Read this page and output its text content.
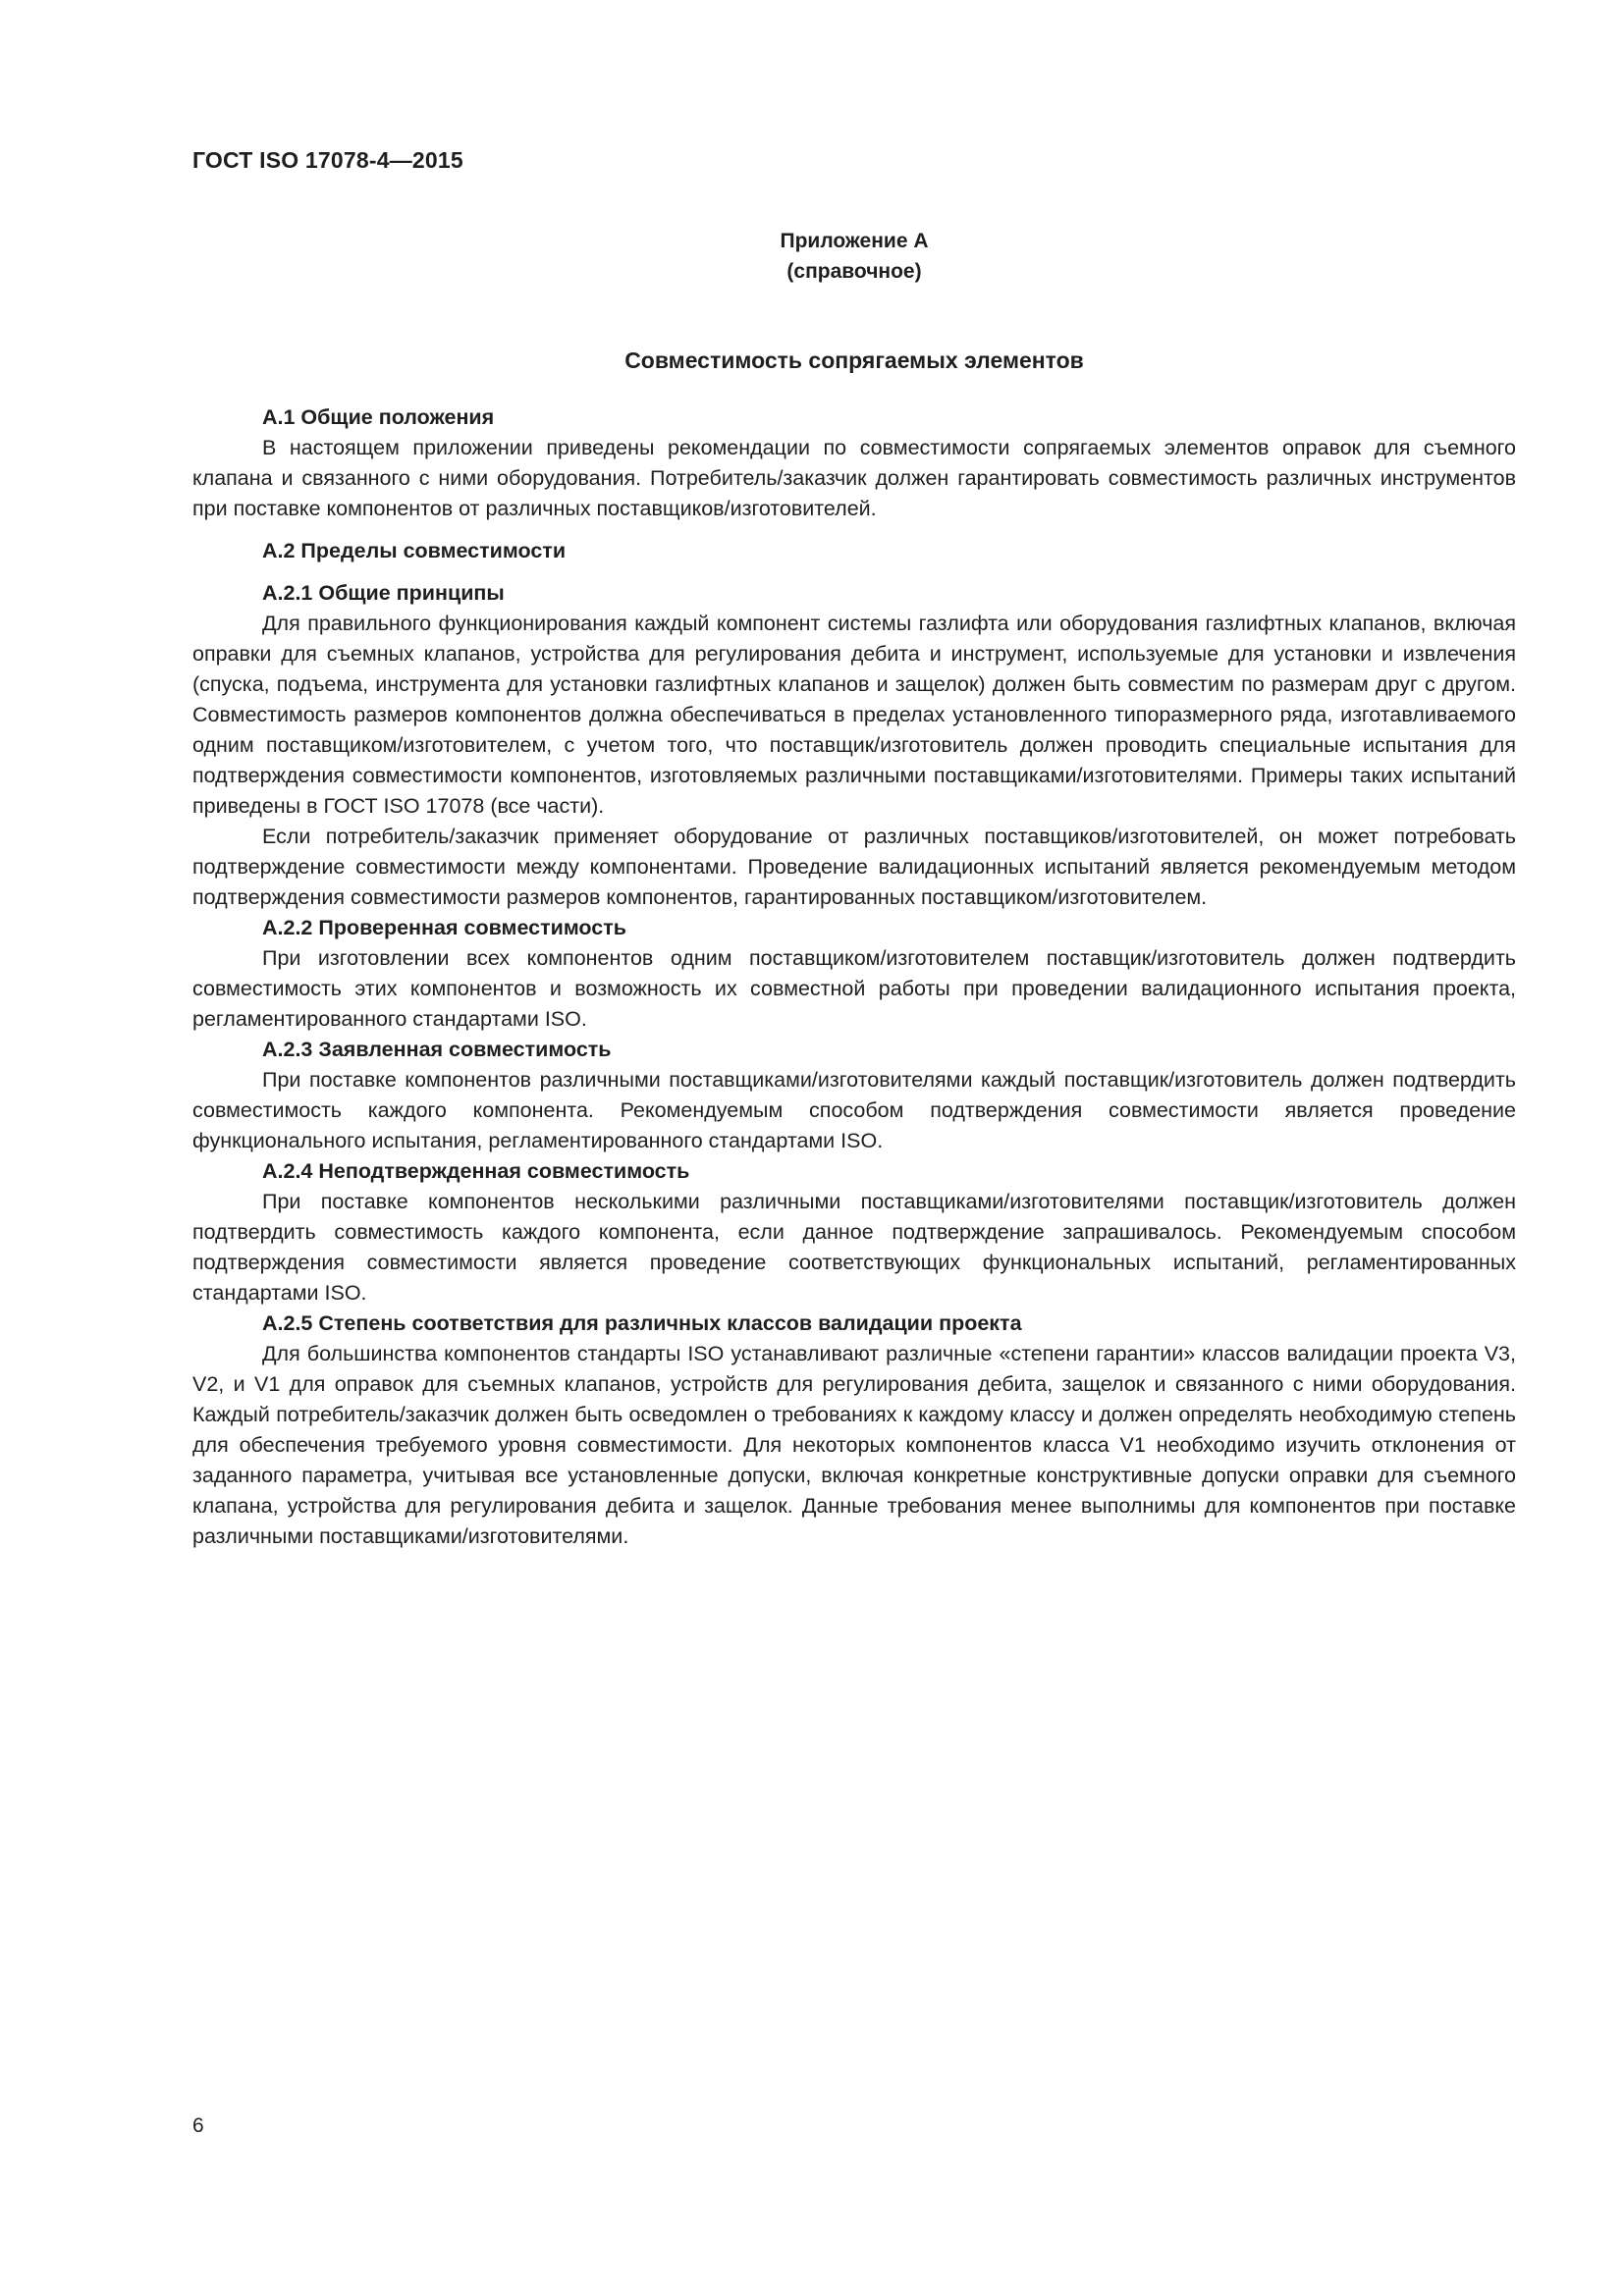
ГОСТ ISO 17078-4—2015
Приложение А
(справочное)
Совместимость сопрягаемых элементов

А.1 Общие положения

В настоящем приложении приведены рекомендации по совместимости сопрягаемых элементов оправок для съемного клапана и связанного с ними оборудования. Потребитель/заказчик должен гарантировать совместимость различных инструментов при поставке компонентов от различных поставщиков/изготовителей.

А.2 Пределы совместимости

А.2.1 Общие принципы

Для правильного функционирования каждый компонент системы газлифта или оборудования газлифтных клапанов, включая оправки для съемных клапанов, устройства для регулирования дебита и инструмент, используемые для установки и извлечения (спуска, подъема, инструмента для установки газлифтных клапанов и защелок) должен быть совместим по размерам друг с другом. Совместимость размеров компонентов должна обеспечиваться в пределах установленного типоразмерного ряда, изготавливаемого одним поставщиком/изготовителем, с учетом того, что поставщик/изготовитель должен проводить специальные испытания для подтверждения совместимости компонентов, изготовляемых различными поставщиками/изготовителями. Примеры таких испытаний приведены в ГОСТ ISO 17078 (все части).

Если потребитель/заказчик применяет оборудование от различных поставщиков/изготовителей, он может потребовать подтверждение совместимости между компонентами. Проведение валидационных испытаний является рекомендуемым методом подтверждения совместимости размеров компонентов, гарантированных поставщиком/изготовителем.

А.2.2 Проверенная совместимость

При изготовлении всех компонентов одним поставщиком/изготовителем поставщик/изготовитель должен подтвердить совместимость этих компонентов и возможность их совместной работы при проведении валидационного испытания проекта, регламентированного стандартами ISO.

А.2.3 Заявленная совместимость

При поставке компонентов различными поставщиками/изготовителями каждый поставщик/изготовитель должен подтвердить совместимость каждого компонента. Рекомендуемым способом подтверждения совместимости является проведение функционального испытания, регламентированного стандартами ISO.

А.2.4 Неподтвержденная совместимость

При поставке компонентов несколькими различными поставщиками/изготовителями поставщик/изготовитель должен подтвердить совместимость каждого компонента, если данное подтверждение запрашивалось. Рекомендуемым способом подтверждения совместимости является проведение соответствующих функциональных испытаний, регламентированных стандартами ISO.

А.2.5 Степень соответствия для различных классов валидации проекта

Для большинства компонентов стандарты ISO устанавливают различные «степени гарантии» классов валидации проекта V3, V2, и V1 для оправок для съемных клапанов, устройств для регулирования дебита, защелок и связанного с ними оборудования. Каждый потребитель/заказчик должен быть осведомлен о требованиях к каждому классу и должен определять необходимую степень для обеспечения требуемого уровня совместимости. Для некоторых компонентов класса V1 необходимо изучить отклонения от заданного параметра, учитывая все установленные допуски, включая конкретные конструктивные допуски оправки для съемного клапана, устройства для регулирования дебита и защелок. Данные требования менее выполнимы для компонентов при поставке различными поставщиками/изготовителями.

6
